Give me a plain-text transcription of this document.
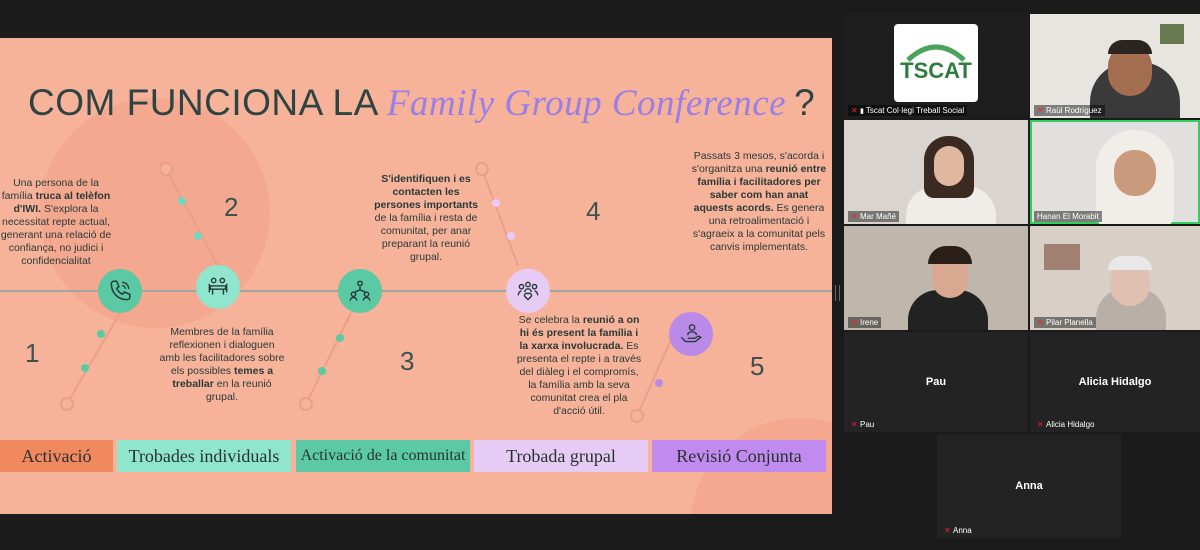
COM FUNCIONA LA Family Group Conference ?
Una persona de la família truca al telèfon d'IWI. S'explora la necessitat repte actual, generant una relació de confiança, no judici i confidencialitat
Membres de la família reflexionen i dialoguen amb les facilitadores sobre els possibles temes a treballar en la reunió grupal.
S'identifiquen i es contacten les persones importants de la família i resta de comunitat, per anar preparant la reunió grupal.
Se celebra la reunió a on hi és present la família i la xarxa involucrada. Es presenta el repte i a través del diàleg i el compromís, la família amb la seva comunitat crea el pla d'acció útil.
Passats 3 mesos, s'acorda i s'organitza una reunió entre família i facilitadores per saber com han anat aquests acords. Es genera una retroalimentació i s'agraeix a la comunitat pels canvis implementats.
1
2
3
4
5
Activació	Trobades individuals	Activació de la comunitat	Trobada grupal	Revisió Conjunta
TSCAT
✕ ▮ Tscat Col·legi Treball Social	✕ Raül Rodríguez
✕ Mar Mañé	Hanan El Morabit
✕ Irene	✕ Pilar Planella
Pau
✕ Pau
Alicia Hidalgo
✕ Alicia Hidalgo
Anna
✕ Anna
